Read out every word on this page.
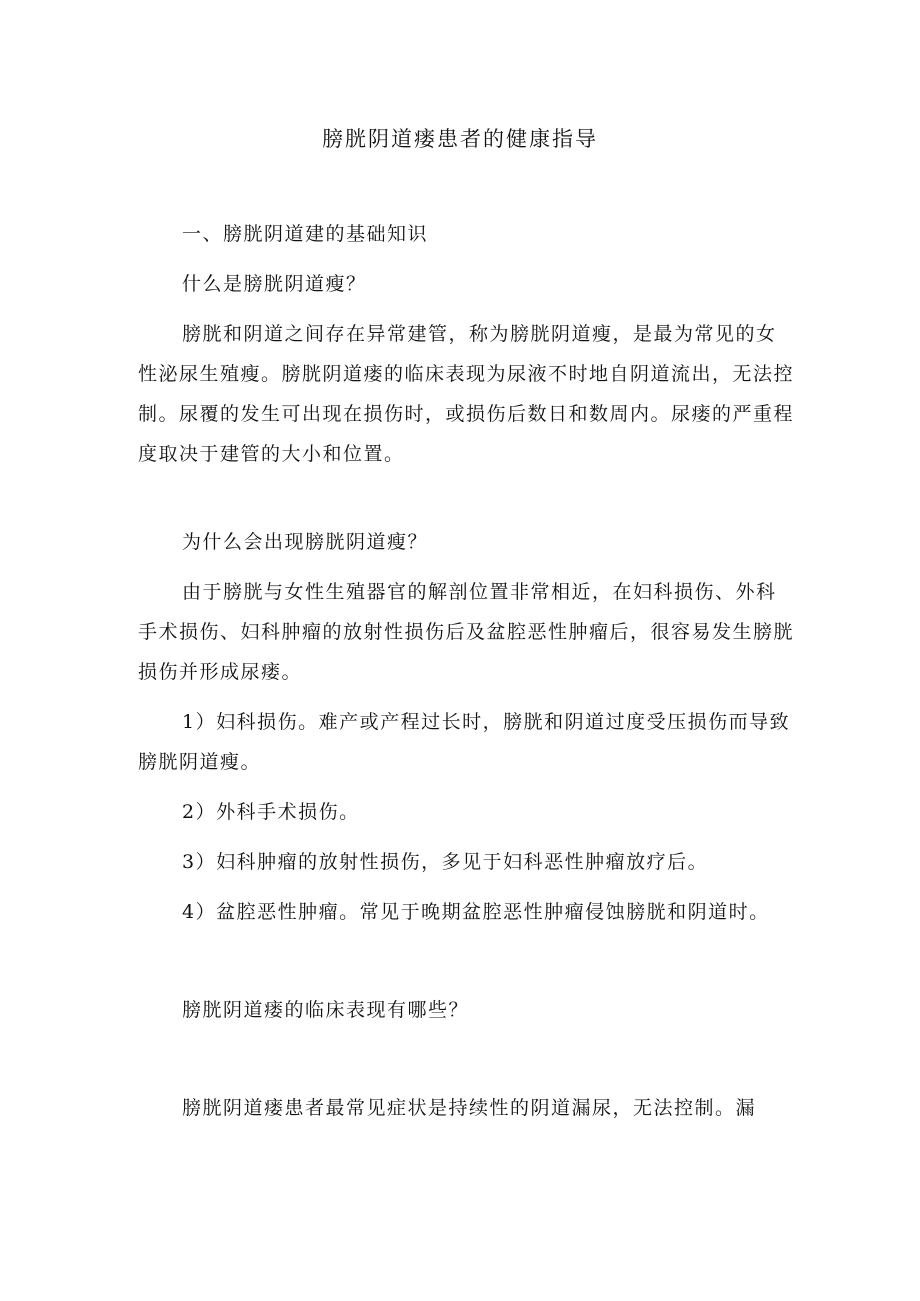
膀胱阴道瘘患者的健康指导

一、膀胱阴道建的基础知识

什么是膀胱阴道瘦？

膀胱和阴道之间存在异常建管，称为膀胱阴道瘦，是最为常见的女性泌尿生殖瘦。膀胱阴道瘘的临床表现为尿液不时地自阴道流出，无法控制。尿覆的发生可出现在损伤时，或损伤后数日和数周内。尿瘘的严重程度取决于建管的大小和位置。

为什么会出现膀胱阴道瘦？

由于膀胱与女性生殖器官的解剖位置非常相近，在妇科损伤、外科手术损伤、妇科肿瘤的放射性损伤后及盆腔恶性肿瘤后，很容易发生膀胱损伤并形成尿瘘。

1）妇科损伤。难产或产程过长时，膀胱和阴道过度受压损伤而导致膀胱阴道瘦。

2）外科手术损伤。

3）妇科肿瘤的放射性损伤，多见于妇科恶性肿瘤放疗后。

4）盆腔恶性肿瘤。常见于晚期盆腔恶性肿瘤侵蚀膀胱和阴道时。

膀胱阴道瘘的临床表现有哪些？

膀胱阴道瘘患者最常见症状是持续性的阴道漏尿，无法控制。漏
